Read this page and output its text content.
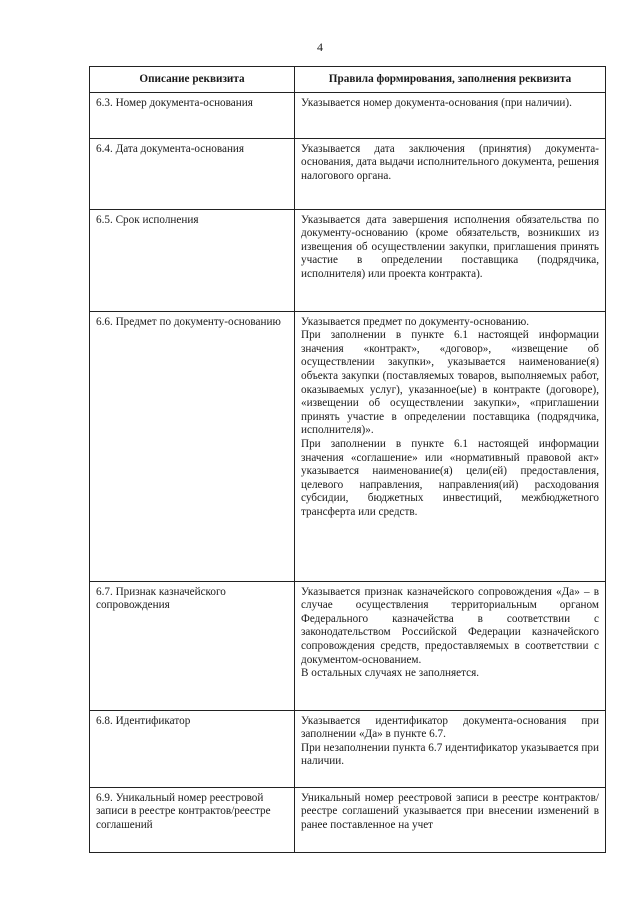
4
Описание реквизита	Правила формирования, заполнения реквизита
6.3. Номер документа-основания	Указывается номер документа-основания (при наличии).

6.4. Дата документа-основания	Указывается дата заключения (принятия) документа-основания, дата выдачи исполнительного документа, решения налогового органа.

6.5. Срок исполнения	Указывается дата завершения исполнения обязательства по документу-основанию (кроме обязательств, возникших из извещения об осуществлении закупки, приглашения принять участие в определении поставщика (подрядчика, исполнителя) или проекта контракта).

6.6. Предмет по документу-основанию	Указывается предмет по документу-основанию.

При заполнении в пункте 6.1 настоящей информации значения «контракт», «договор», «извещение об осуществлении закупки», указывается наименование(я) объекта закупки (поставляемых товаров, выполняемых работ, оказываемых услуг), указанное(ые) в контракте (договоре), «извещении об осуществлении закупки», «приглашении принять участие в определении поставщика (подрядчика, исполнителя)».

При заполнении в пункте 6.1 настоящей информации значения «соглашение» или «нормативный правовой акт» указывается наименование(я) цели(ей) предоставления, целевого направления, направления(ий) расходования субсидии, бюджетных инвестиций, межбюджетного трансферта или средств.

6.7. Признак казначейского сопровождения	Указывается признак казначейского сопровождения «Да» – в случае осуществления территориальным органом Федерального казначейства в соответствии с законодательством Российской Федерации казначейского сопровождения средств, предоставляемых в соответствии с документом-основанием.

В остальных случаях не заполняется.

6.8. Идентификатор	Указывается идентификатор документа-основания при заполнении «Да» в пункте 6.7.

При незаполнении пункта 6.7 идентификатор указывается при наличии.

6.9. Уникальный номер реестровой записи в реестре контрактов/реестре соглашений	Уникальный номер реестровой записи в реестре контрактов/реестре соглашений указывается при внесении изменений в ранее поставленное на учет
